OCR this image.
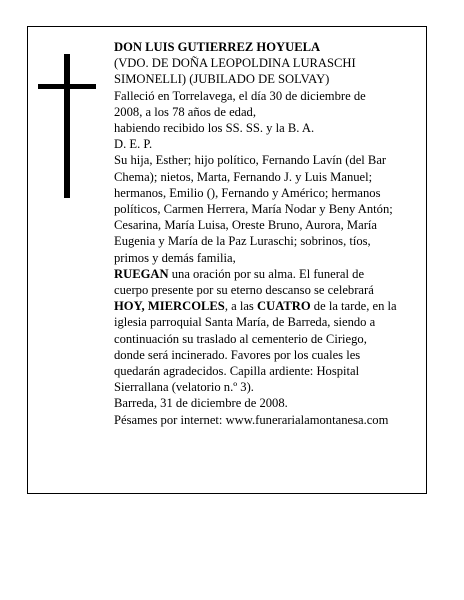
DON LUIS GUTIERREZ HOYUELA
(VDO. DE DOÑA LEOPOLDINA LURASCHI
SIMONELLI) (JUBILADO DE SOLVAY)
Falleció en Torrelavega, el día 30 de diciembre de
2008, a los 78 años de edad,
habiendo recibido los SS. SS. y la B. A.
D. E. P.
Su hija, Esther; hijo político, Fernando Lavín (del Bar
Chema); nietos, Marta, Fernando J. y Luis Manuel;
hermanos, Emilio (), Fernando y Américo; hermanos
políticos, Carmen Herrera, María Nodar y Beny Antón;
Cesarina, María Luisa, Oreste Bruno, Aurora, María
Eugenia y María de la Paz Luraschi; sobrinos, tíos,
primos y demás familia,
RUEGAN una oración por su alma. El funeral de
cuerpo presente por su eterno descanso se celebrará
HOY, MIERCOLES, a las CUATRO de la tarde, en la
iglesia parroquial Santa María, de Barreda, siendo a
continuación su traslado al cementerio de Ciriego,
donde será incinerado. Favores por los cuales les
quedarán agradecidos. Capilla ardiente: Hospital
Sierrallana (velatorio n.º 3).
Barreda, 31 de diciembre de 2008.
Pésames por internet: www.funerarialamontanesa.com
